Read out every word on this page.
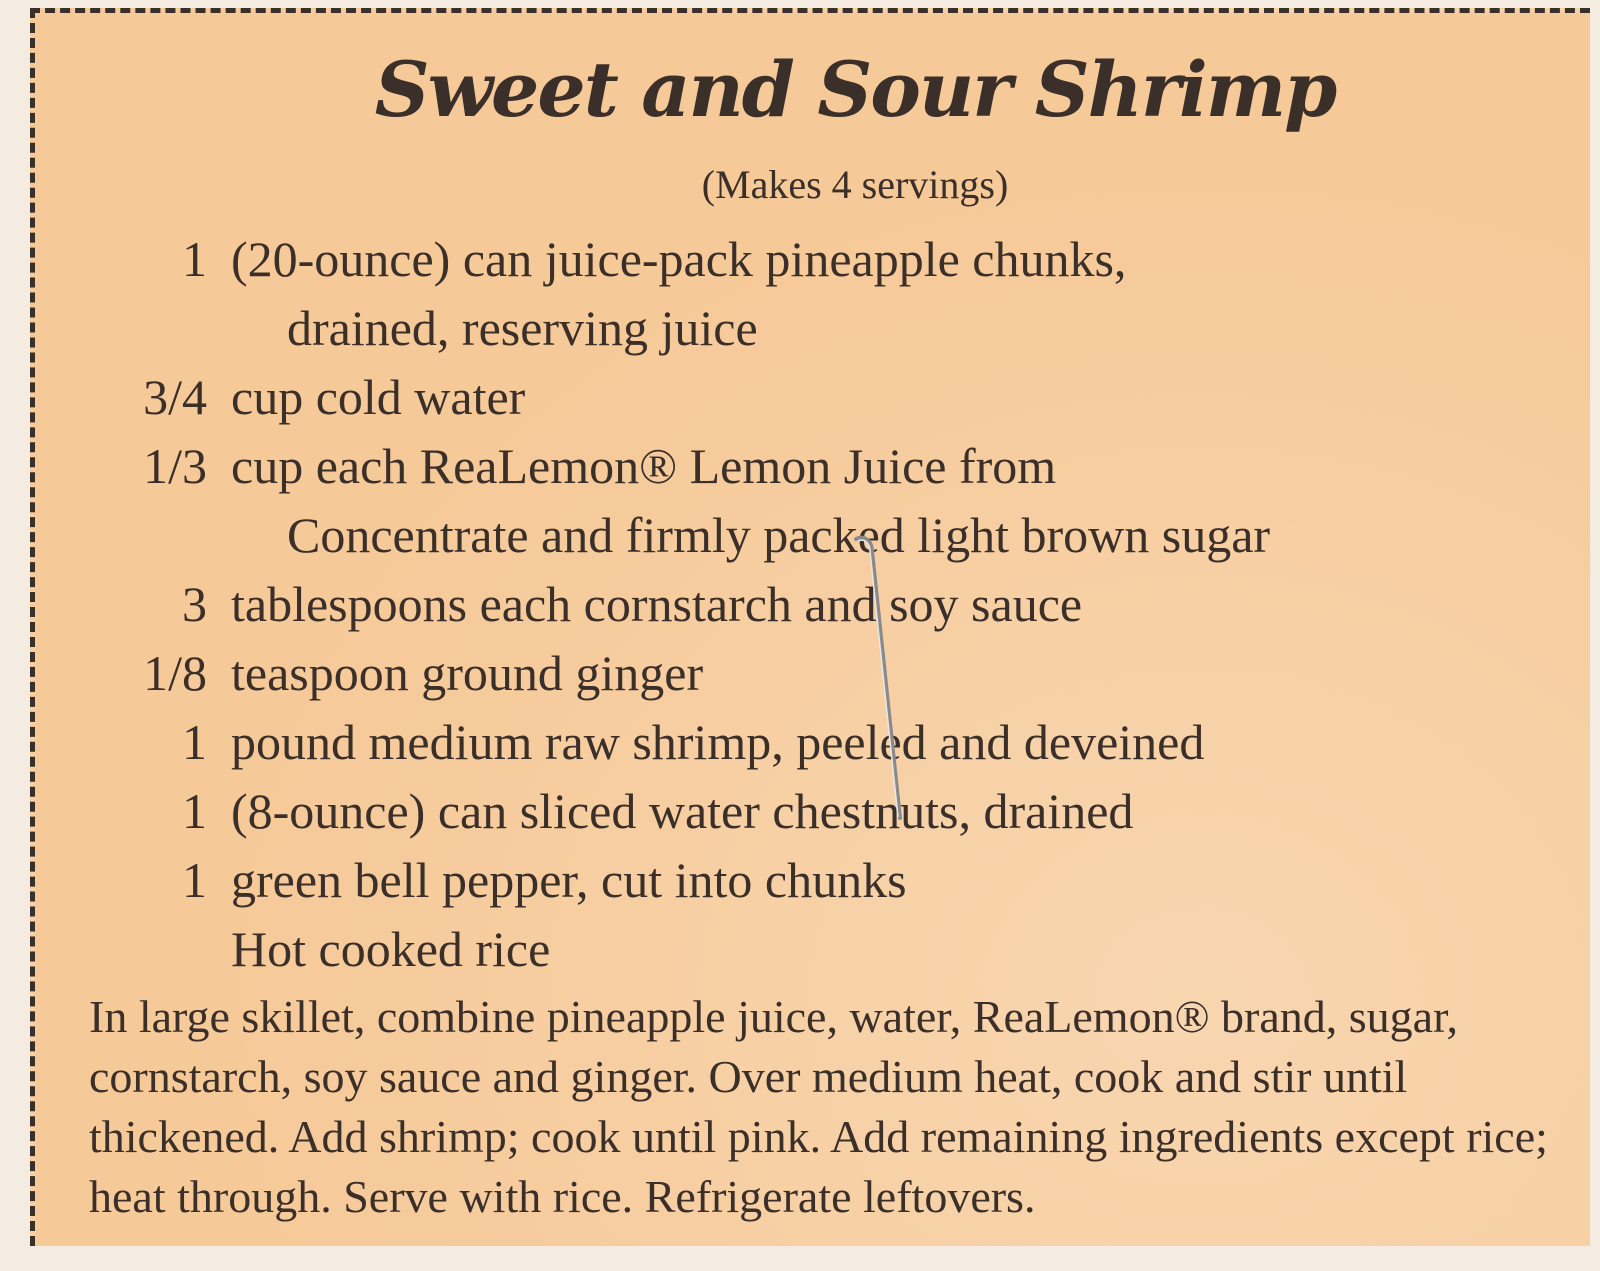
Sweet and Sour Shrimp
(Makes 4 servings)
1 (20-ounce) can juice-pack pineapple chunks,
drained, reserving juice
3/4 cup cold water
1/3 cup each ReaLemon® Lemon Juice from
Concentrate and firmly packed light brown sugar
3 tablespoons each cornstarch and soy sauce
1/8 teaspoon ground ginger
1 pound medium raw shrimp, peeled and deveined
1 (8-ounce) can sliced water chestnuts, drained
1 green bell pepper, cut into chunks
Hot cooked rice

In large skillet, combine pineapple juice, water, ReaLemon® brand, sugar, cornstarch, soy sauce and ginger. Over medium heat, cook and stir until thickened. Add shrimp; cook until pink. Add remaining ingredients except rice; heat through. Serve with rice. Refrigerate leftovers.
